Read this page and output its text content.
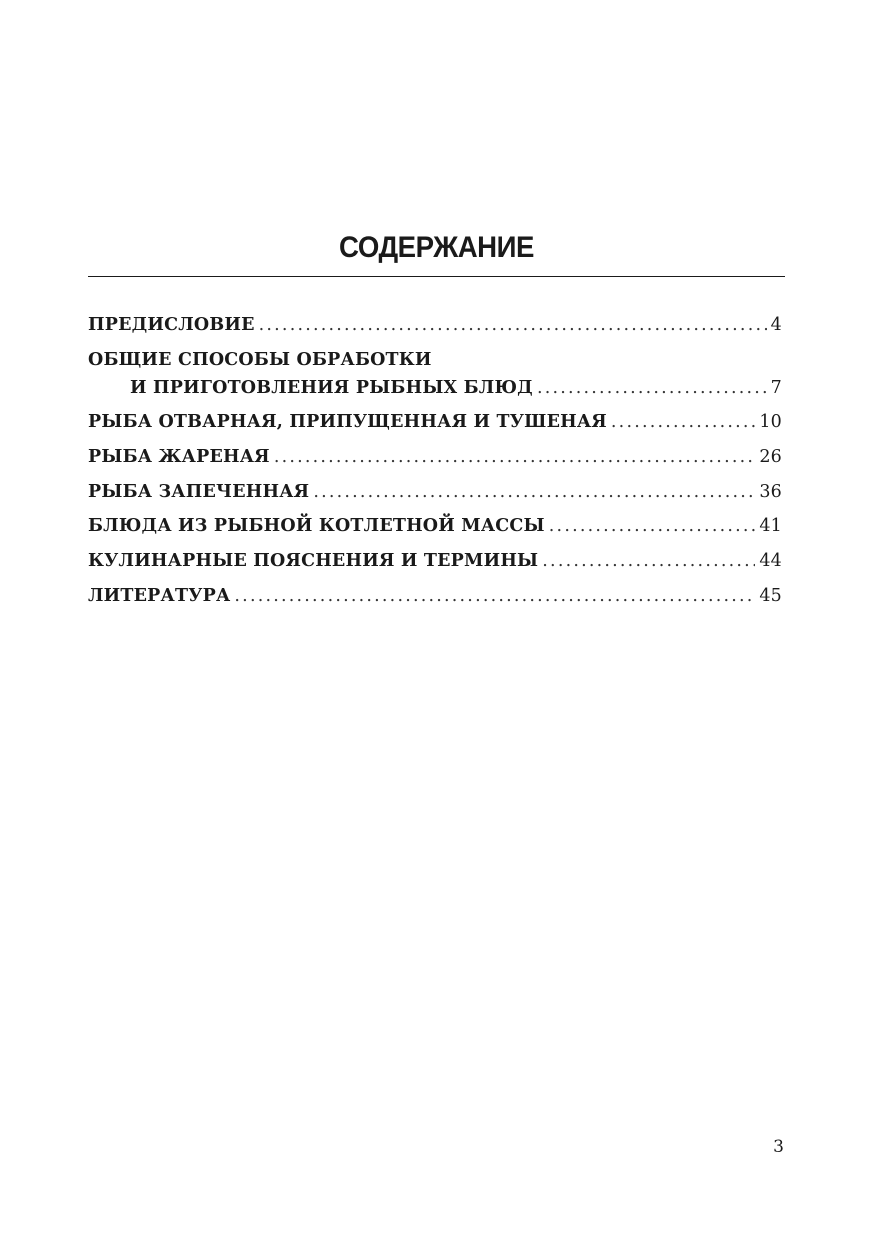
СОДЕРЖАНИЕ
ПРЕДИСЛОВИЕ .....	4
ОБЩИЕ СПОСОБЫ ОБРАБОТКИ
И ПРИГОТОВЛЕНИЯ РЫБНЫХ БЛЮД .....	7
РЫБА ОТВАРНАЯ, ПРИПУЩЕННАЯ И ТУШЕНАЯ .....	10
РЫБА ЖАРЕНАЯ .....	26
РЫБА ЗАПЕЧЕННАЯ .....	36
БЛЮДА ИЗ РЫБНОЙ КОТЛЕТНОЙ МАССЫ .....	41
КУЛИНАРНЫЕ ПОЯСНЕНИЯ И ТЕРМИНЫ .....	44
ЛИТЕРАТУРА .....	45
3
